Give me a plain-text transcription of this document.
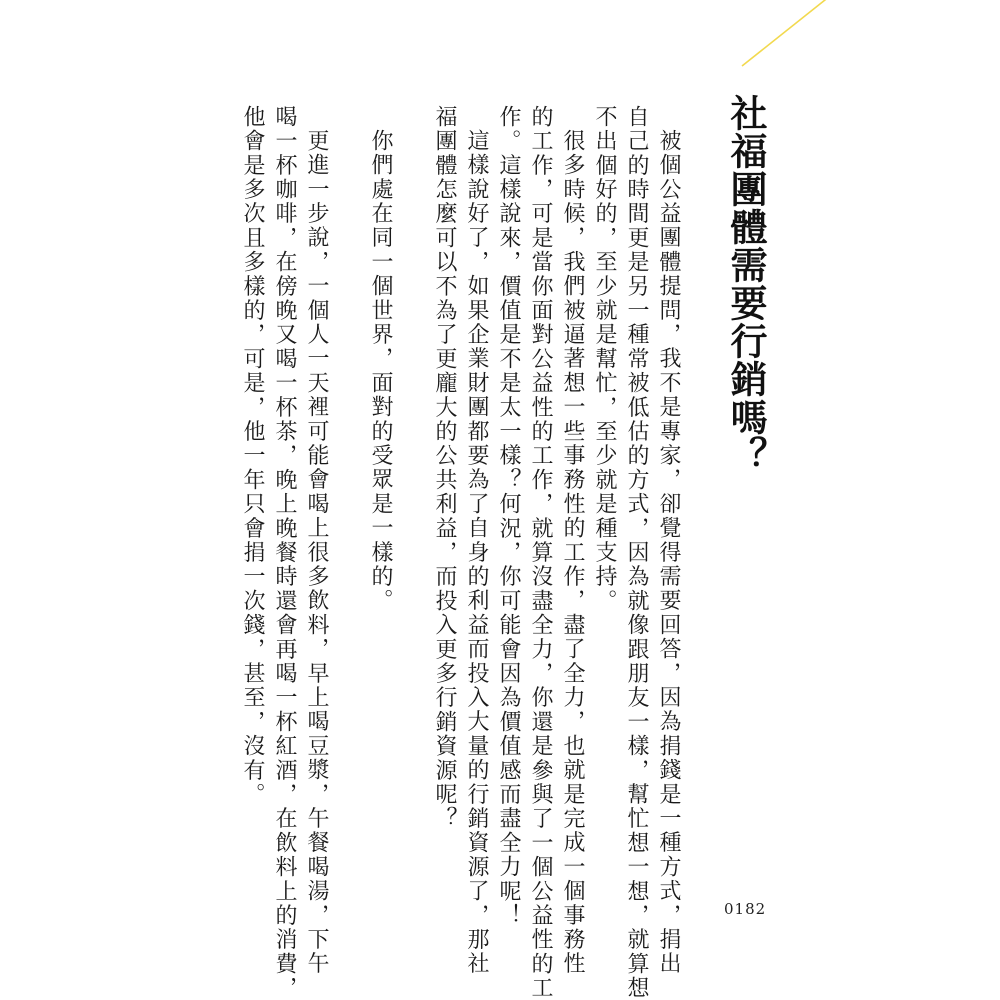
社福團體需要行銷嗎？
被個公益團體提問，我不是專家，卻覺得需要回答，因為捐錢是一種方式，捐出
自己的時間更是另一種常被低估的方式，因為就像跟朋友一樣，幫忙想一想，就算想
不出個好的，至少就是幫忙，至少就是種支持。
很多時候，我們被逼著想一些事務性的工作，盡了全力，也就是完成一個事務性
的工作，可是當你面對公益性的工作，就算沒盡全力，你還是參與了一個公益性的工
作。這樣說來，價值是不是太一樣？何況，你可能會因為價值感而盡全力呢！
這樣說好了，如果企業財團都要為了自身的利益而投入大量的行銷資源了，那社
福團體怎麼可以不為了更龐大的公共利益，而投入更多行銷資源呢？
你們處在同一個世界，面對的受眾是一樣的。
更進一步說，一個人一天裡可能會喝上很多飲料，早上喝豆漿，午餐喝湯，下午
喝一杯咖啡，在傍晚又喝一杯茶，晚上晚餐時還會再喝一杯紅酒，在飲料上的消費，
他會是多次且多樣的，可是，他一年只會捐一次錢，甚至，沒有。
0182
